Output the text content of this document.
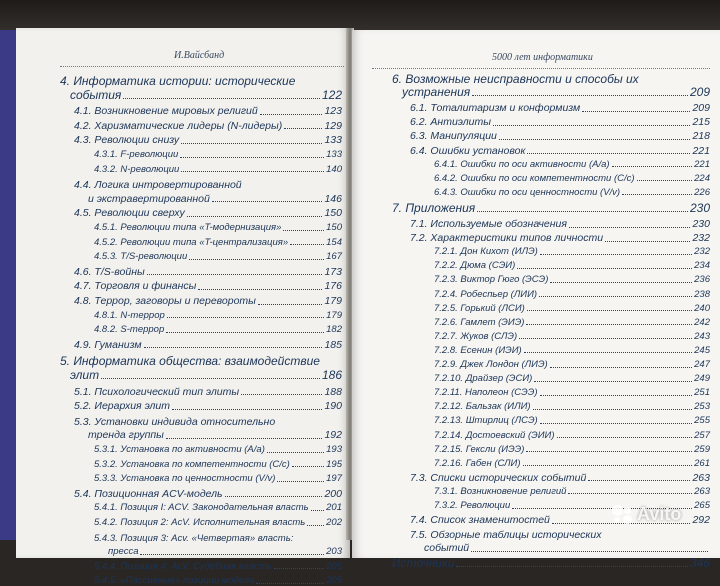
И.Вайсбанд
4. Информатика истории: исторические
события	122
4.1. Возникновение мировых религий	123
4.2. Харизматические лидеры (N-лидеры)	129
4.3. Революции снизу	133
4.3.1. F-революции	133
4.3.2. N-революции	140
4.4. Логика интровертированной
и экстравертированной	146
4.5. Революции сверху	150
4.5.1. Революции типа «T-модернизация»	150
4.5.2. Революции типа «T-централизация»	154
4.5.3. T/S-революции	167
4.6. T/S-войны	173
4.7. Торговля и финансы	176
4.8. Террор, заговоры и перевороты	179
4.8.1. N-террор	179
4.8.2. S-террор	182
4.9. Гуманизм	185
5. Информатика общества: взаимодействие
элит	186
5.1. Психологический тип элиты	188
5.2. Иерархия элит	190
5.3. Установки индивида относительно
тренда группы	192
5.3.1. Установка по активности (A/a)	193
5.3.2. Установка по компетентности (C/c)	195
5.3.3. Установка по ценностности (V/v)	197
5.4. Позиционная ACV-модель	200
5.4.1. Позиция I: ACV. Законодательная власть 201
5.4.2. Позиция 2: AcV. Исполнительная власть 202
5.4.3. Позиция 3: Acv. «Четвертая» власть:
пресса	203
5.4.4. Позиция 4: AcV. Судебная власть	205
5.4.5. «Пассивные» позиции модели	205
5000 лет информатики
6. Возможные неисправности и способы их
устранения	209
6.1. Тоталитаризм и конформизм	209
6.2. Антиэлиты	215
6.3. Манипуляции	218
6.4. Ошибки установок	221
6.4.1. Ошибки по оси активности (A/a)	221
6.4.2. Ошибки по оси компетентности (C/c)	224
6.4.3. Ошибки по оси ценностности (V/v)	226
7. Приложения	230
7.1. Используемые обозначения	230
7.2. Характеристики типов личности	232
7.2.1. Дон Кихот (ИЛЭ)	232
7.2.2. Дюма (СЭИ)	234
7.2.3. Виктор Гюго (ЭСЭ)	236
7.2.4. Робеспьер (ЛИИ)	238
7.2.5. Горький (ЛСИ)	240
7.2.6. Гамлет (ЭИЭ)	242
7.2.7. Жуков (СЛЭ)	243
7.2.8. Есенин (ИЭИ)	245
7.2.9. Джек Лондон (ЛИЭ)	247
7.2.10. Драйзер (ЭСИ)	249
7.2.11. Наполеон (СЭЭ)	251
7.2.12. Бальзак (ИЛИ)	253
7.2.13. Штирлиц (ЛСЭ)	255
7.2.14. Достоевский (ЭИИ)	257
7.2.15. Гексли (ИЭЭ)	259
7.2.16. Габен (СЛИ)	261
7.3. Списки исторических событий	263
7.3.1. Возникновение религий	263
7.3.2. Революции	265
7.4. Список знаменитостей	292
7.5. Обзорные таблицы исторических
событий
Источники	346
Avito
